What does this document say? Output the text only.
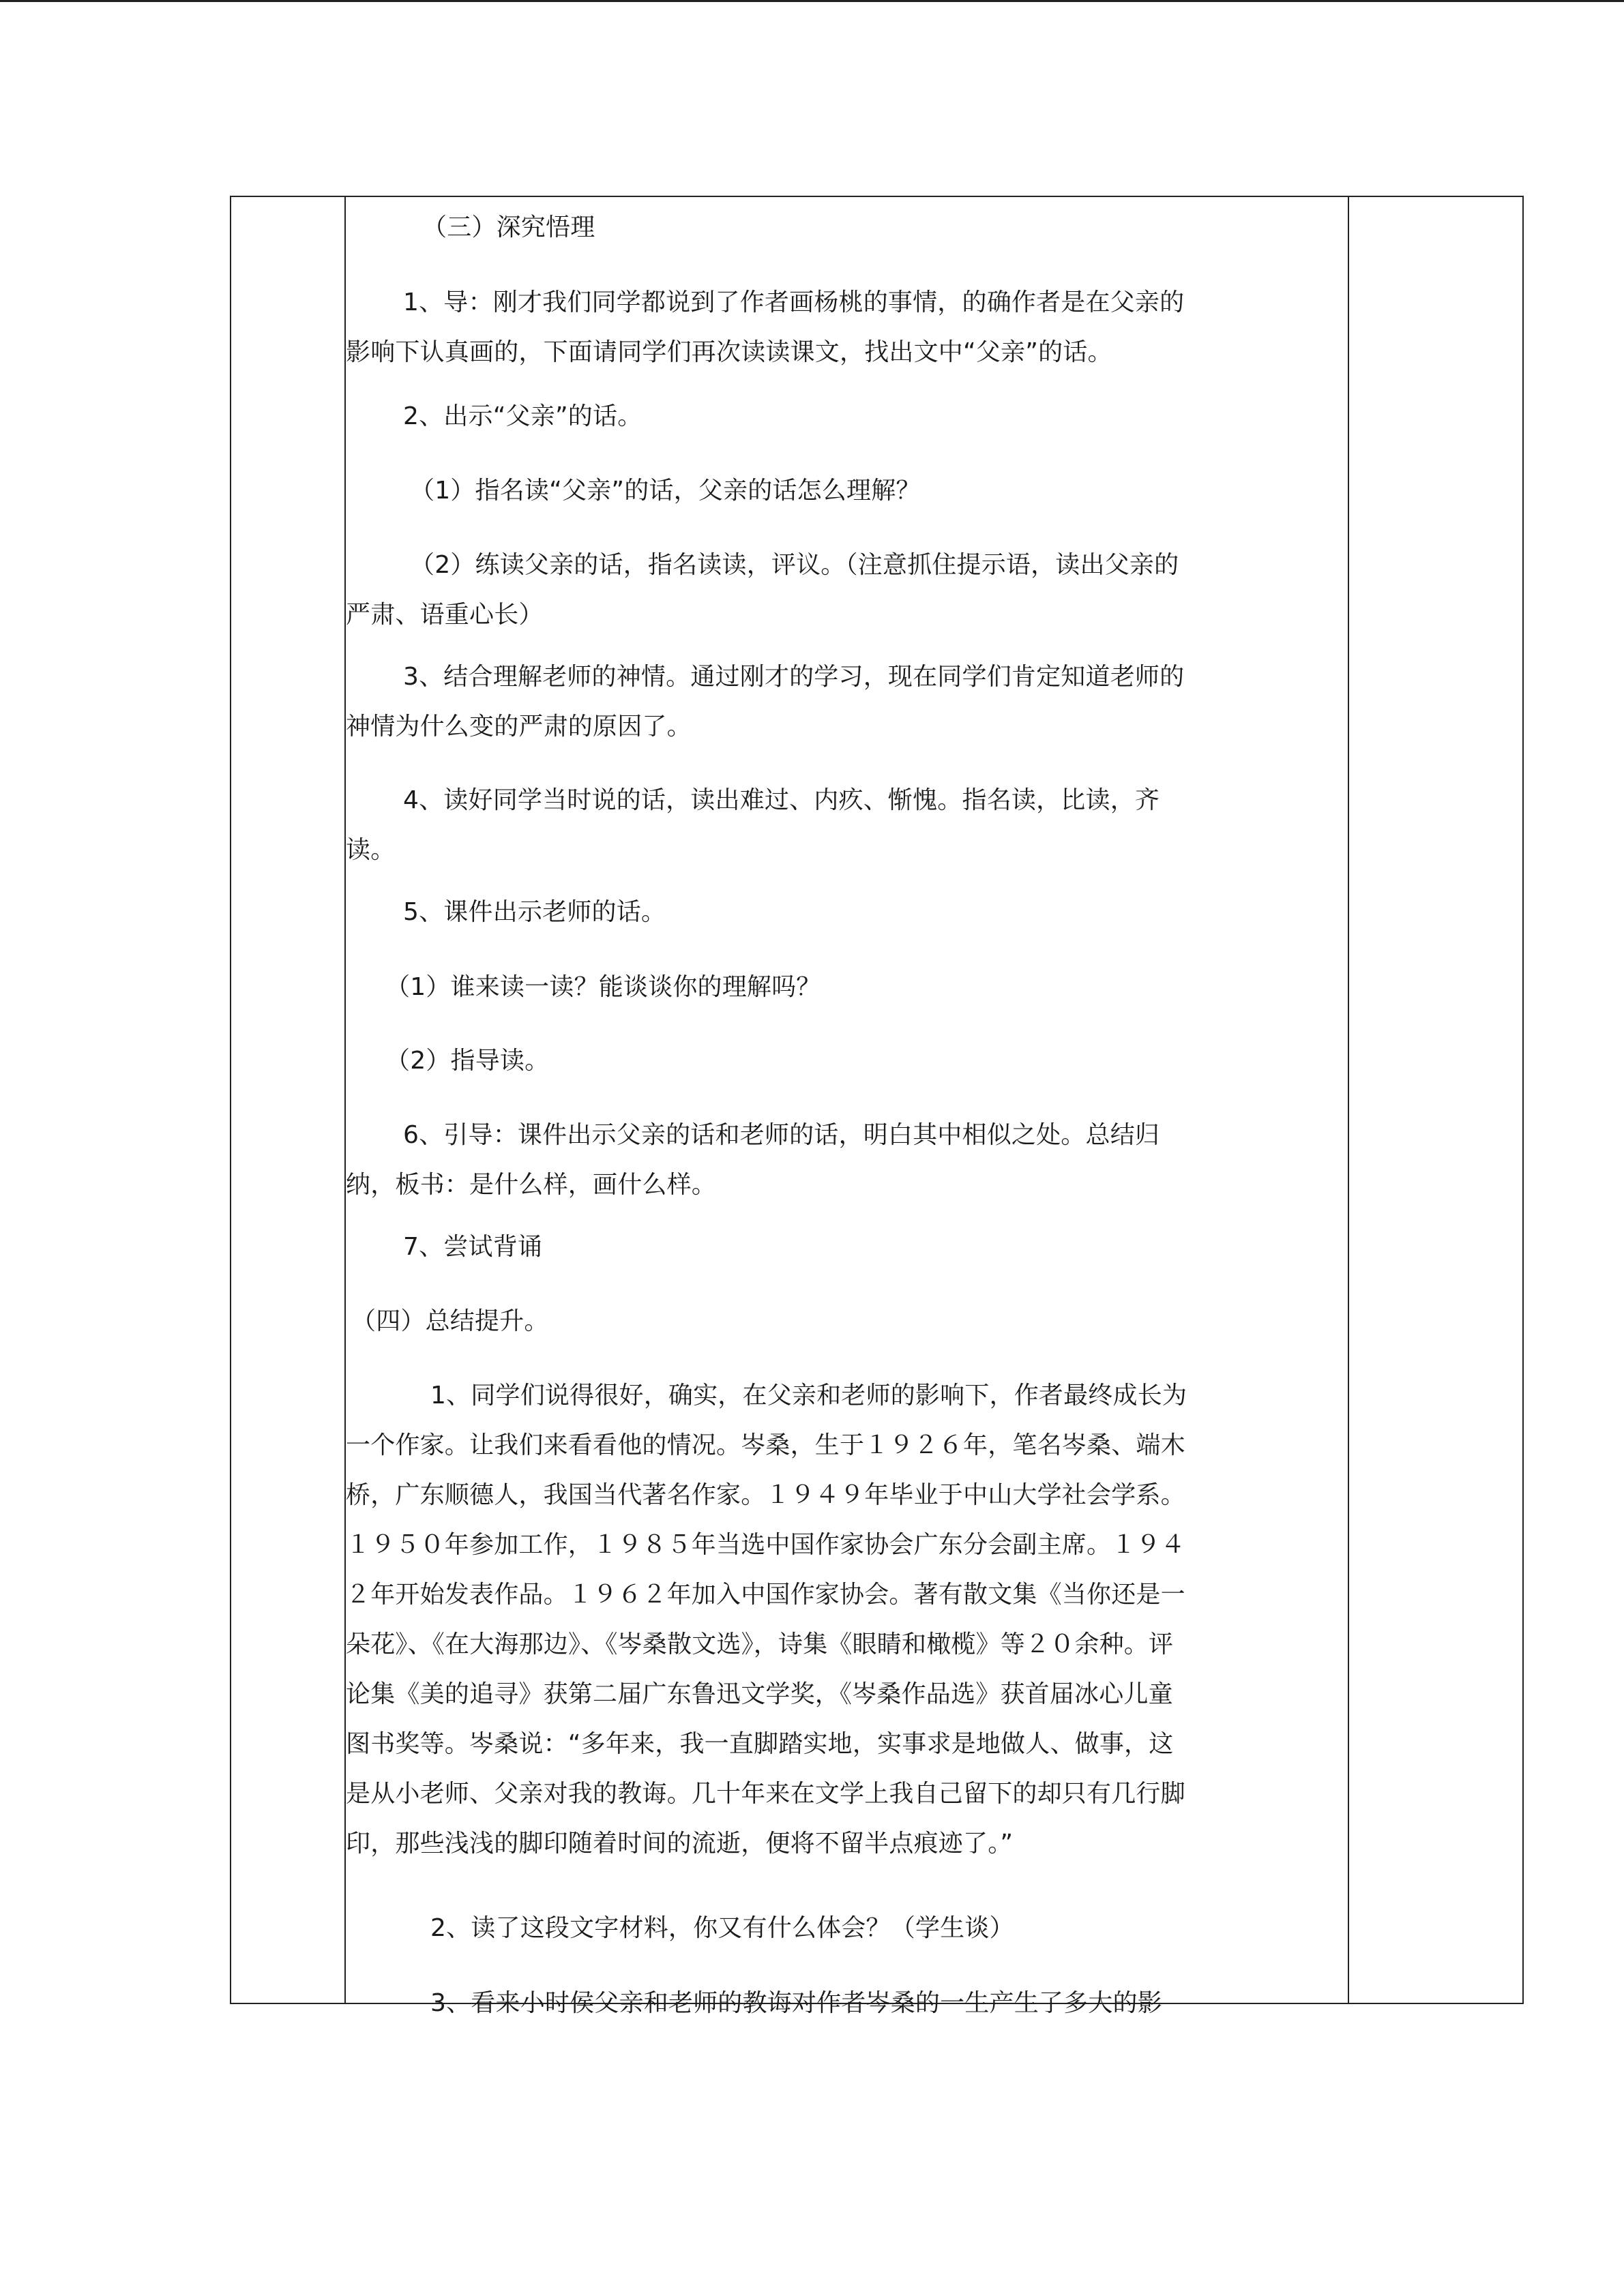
（三）深究悟理
1、导：刚才我们同学都说到了作者画杨桃的事情，的确作者是在父亲的
影响下认真画的，下面请同学们再次读读课文，找出文中“父亲”的话。
2、出示“父亲”的话。
（1）指名读“父亲”的话，父亲的话怎么理解？
（2）练读父亲的话，指名读读，评议。（注意抓住提示语，读出父亲的
严肃、语重心长）
3、结合理解老师的神情。通过刚才的学习，现在同学们肯定知道老师的
神情为什么变的严肃的原因了。
4、读好同学当时说的话，读出难过、内疚、惭愧。指名读，比读，齐
读。
5、课件出示老师的话。
（1）谁来读一读？能谈谈你的理解吗？
（2）指导读。
6、引导：课件出示父亲的话和老师的话，明白其中相似之处。总结归
纳，板书：是什么样，画什么样。
7、尝试背诵
（四）总结提升。
1、同学们说得很好，确实，在父亲和老师的影响下，作者最终成长为
一个作家。让我们来看看他的情况。岑桑，生于１９２６年，笔名岑桑、端木
桥，广东顺德人，我国当代著名作家。１９４９年毕业于中山大学社会学系。
１９５０年参加工作，１９８５年当选中国作家协会广东分会副主席。１９４
２年开始发表作品。１９６２年加入中国作家协会。著有散文集《当你还是一
朵花》、《在大海那边》、《岑桑散文选》，诗集《眼睛和橄榄》等２０余种。评
论集《美的追寻》获第二届广东鲁迅文学奖，《岑桑作品选》获首届冰心儿童
图书奖等。岑桑说：“多年来，我一直脚踏实地，实事求是地做人、做事，这
是从小老师、父亲对我的教诲。几十年来在文学上我自己留下的却只有几行脚
印，那些浅浅的脚印随着时间的流逝，便将不留半点痕迹了。”
2、读了这段文字材料，你又有什么体会？（学生谈）
3、看来小时侯父亲和老师的教诲对作者岑桑的一生产生了多大的影
